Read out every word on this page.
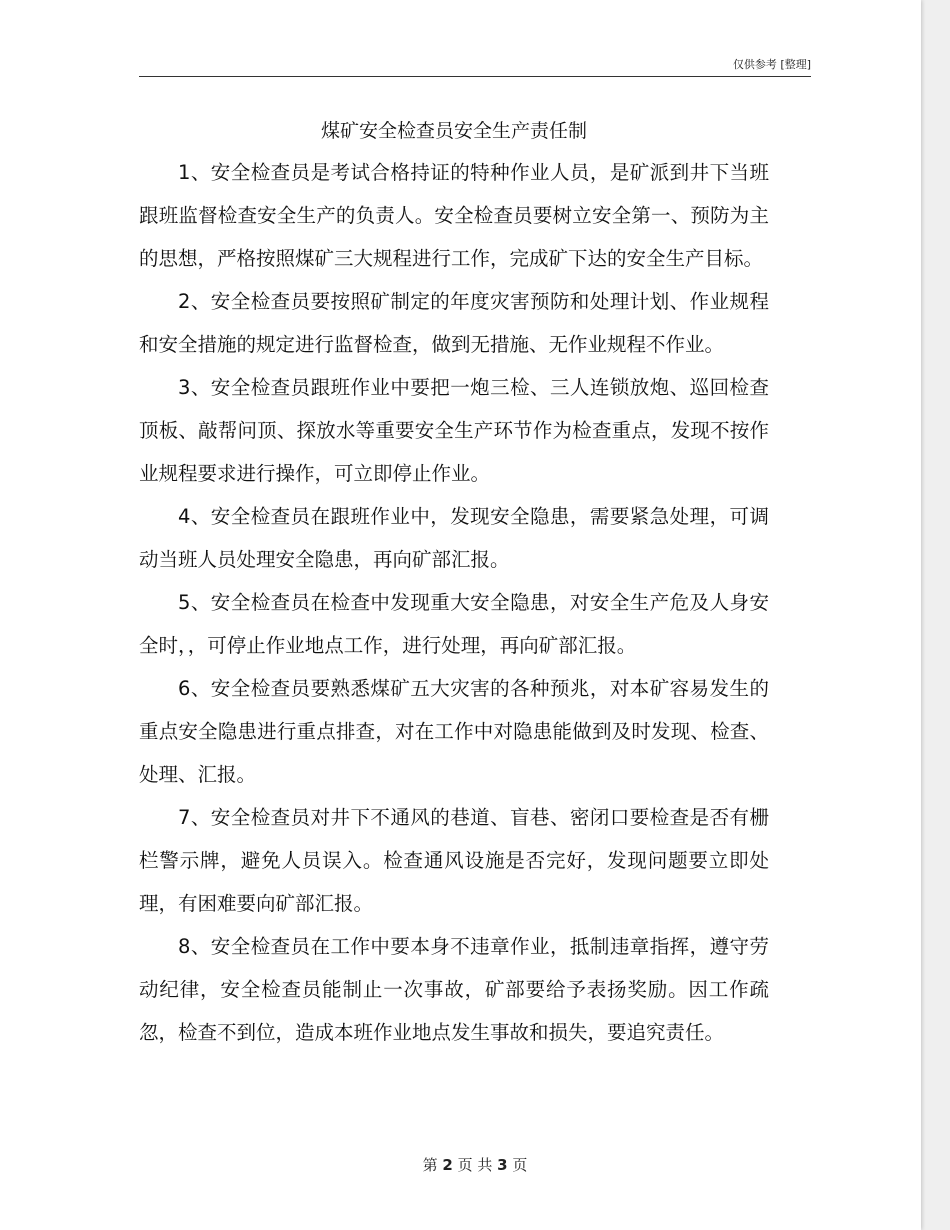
仅供参考 [整理]
煤矿安全检查员安全生产责任制

1、安全检查员是考试合格持证的特种作业人员，是矿派到井下当班跟班监督检查安全生产的负责人。安全检查员要树立安全第一、预防为主的思想，严格按照煤矿三大规程进行工作，完成矿下达的安全生产目标。

2、安全检查员要按照矿制定的年度灾害预防和处理计划、作业规程和安全措施的规定进行监督检查，做到无措施、无作业规程不作业。

3、安全检查员跟班作业中要把一炮三检、三人连锁放炮、巡回检查顶板、敲帮问顶、探放水等重要安全生产环节作为检查重点，发现不按作业规程要求进行操作，可立即停止作业。

4、安全检查员在跟班作业中，发现安全隐患，需要紧急处理，可调动当班人员处理安全隐患，再向矿部汇报。

5、安全检查员在检查中发现重大安全隐患，对安全生产危及人身安全时，，可停止作业地点工作，进行处理，再向矿部汇报。

6、安全检查员要熟悉煤矿五大灾害的各种预兆，对本矿容易发生的重点安全隐患进行重点排查，对在工作中对隐患能做到及时发现、检查、处理、汇报。

7、安全检查员对井下不通风的巷道、盲巷、密闭口要检查是否有栅栏警示牌，避免人员误入。检查通风设施是否完好，发现问题要立即处理，有困难要向矿部汇报。

8、安全检查员在工作中要本身不违章作业，抵制违章指挥，遵守劳动纪律，安全检查员能制止一次事故，矿部要给予表扬奖励。因工作疏忽，检查不到位，造成本班作业地点发生事故和损失，要追究责任。

第 2 页 共 3 页
